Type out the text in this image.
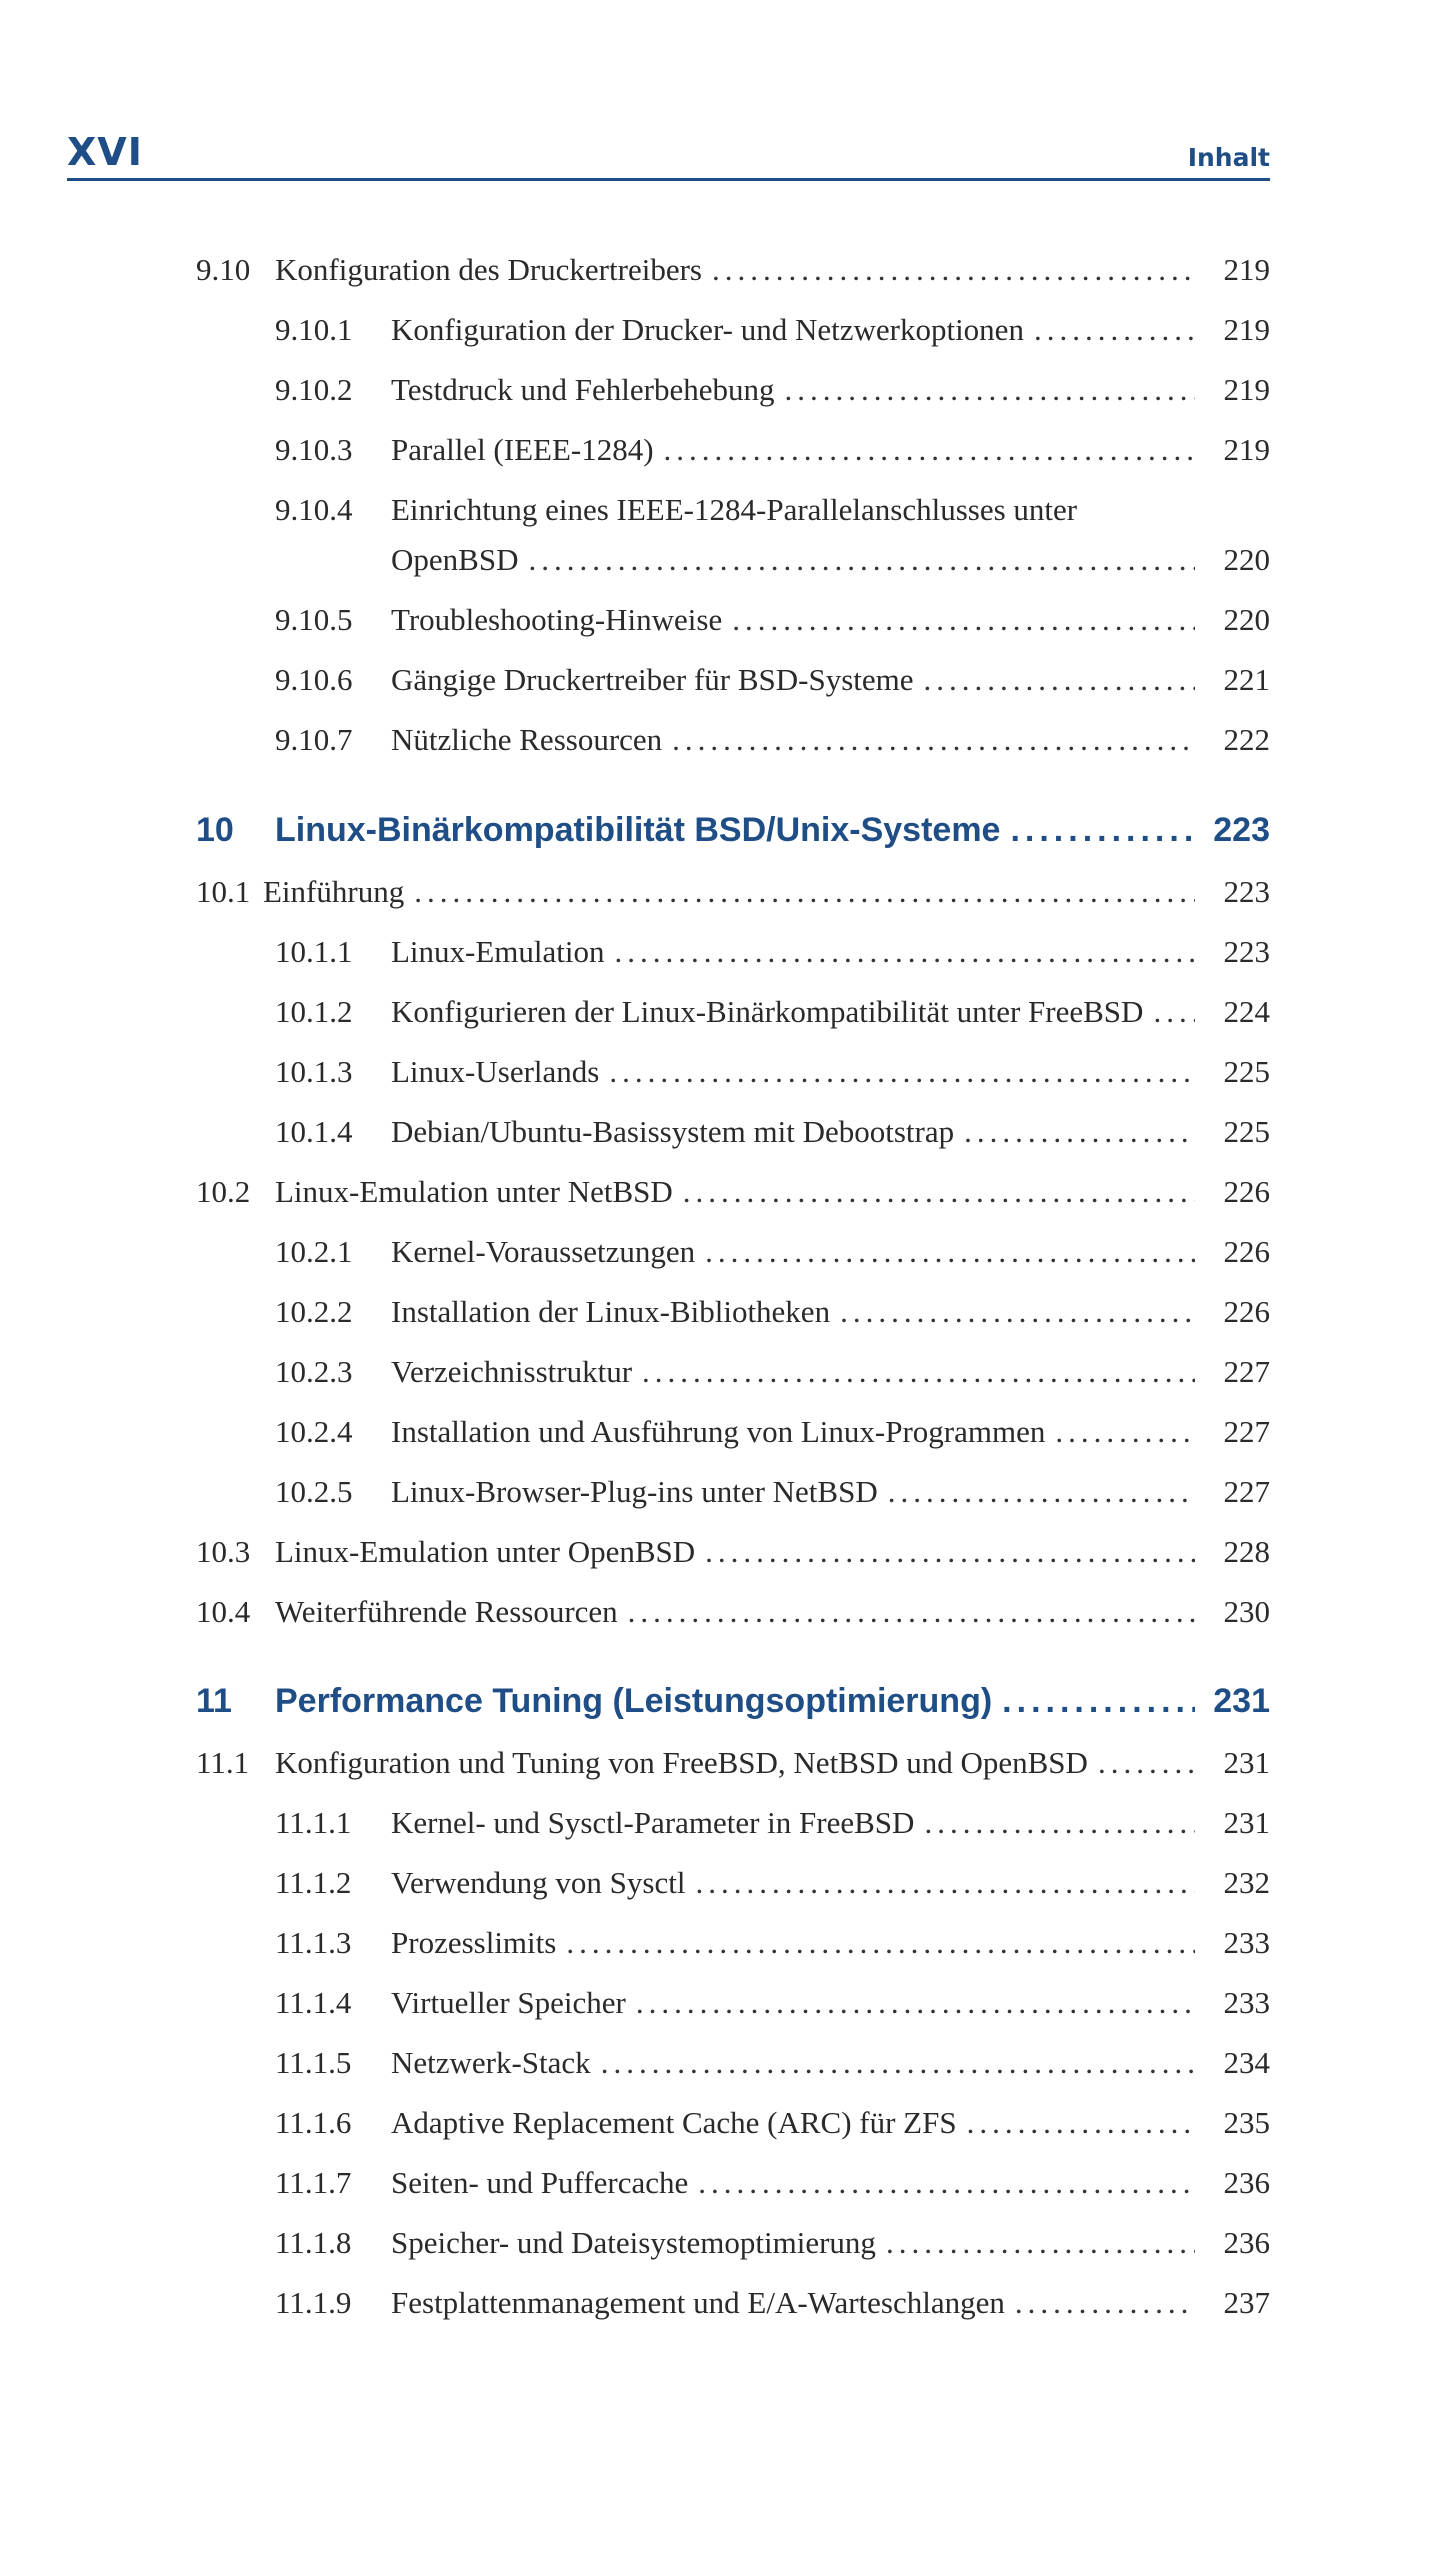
XVI	Inhalt
9.10 Konfiguration des Druckertreibers .....	219
9.10.1 Konfiguration der Drucker- und Netzwerkoptionen .....	219
9.10.2 Testdruck und Fehlerbehebung .....	219
9.10.3 Parallel (IEEE-1284) .....	219
9.10.4 Einrichtung eines IEEE-1284-Parallelanschlusses unter
OpenBSD .....	220
9.10.5 Troubleshooting-Hinweise .....	220
9.10.6 Gängige Druckertreiber für BSD-Systeme .....	221
9.10.7 Nützliche Ressourcen .....	222
10 Linux-Binärkompatibilität BSD/Unix-Systeme .....	223
10.1 Einführung .....	223
10.1.1 Linux-Emulation .....	223
10.1.2 Konfigurieren der Linux-Binärkompatibilität unter FreeBSD .....	224
10.1.3 Linux-Userlands .....	225
10.1.4 Debian/Ubuntu-Basissystem mit Debootstrap .....	225
10.2 Linux-Emulation unter NetBSD .....	226
10.2.1 Kernel-Voraussetzungen .....	226
10.2.2 Installation der Linux-Bibliotheken .....	226
10.2.3 Verzeichnisstruktur .....	227
10.2.4 Installation und Ausführung von Linux-Programmen .....	227
10.2.5 Linux-Browser-Plug-ins unter NetBSD .....	227
10.3 Linux-Emulation unter OpenBSD .....	228
10.4 Weiterführende Ressourcen .....	230
11 Performance Tuning (Leistungsoptimierung) .....	231
11.1 Konfiguration und Tuning von FreeBSD, NetBSD und OpenBSD .....	231
11.1.1 Kernel- und Sysctl-Parameter in FreeBSD .....	231
11.1.2 Verwendung von Sysctl .....	232
11.1.3 Prozesslimits .....	233
11.1.4 Virtueller Speicher .....	233
11.1.5 Netzwerk-Stack .....	234
11.1.6 Adaptive Replacement Cache (ARC) für ZFS .....	235
11.1.7 Seiten- und Puffercache .....	236
11.1.8 Speicher- und Dateisystemoptimierung .....	236
11.1.9 Festplattenmanagement und E/A-Warteschlangen .....	237
